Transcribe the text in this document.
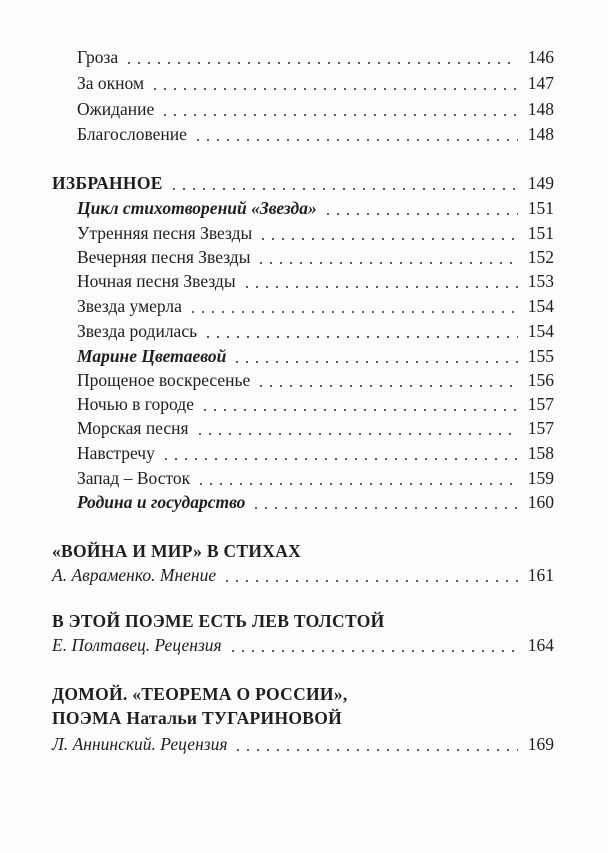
Гроза	146
За окном	147
Ожидание	148
Благословение	148
ИЗБРАННОЕ	149
Цикл стихотворений «Звезда»	151
Утренняя песня Звезды	151
Вечерняя песня Звезды	152
Ночная песня Звезды	153
Звезда умерла	154
Звезда родилась	154
Марине Цветаевой	155
Прощеное воскресенье	156
Ночью в городе	157
Морская песня	157
Навстречу	158
Запад – Восток	159
Родина и государство	160
«ВОЙНА И МИР» В СТИХАХ
А. Авраменко. Мнение	161
В ЭТОЙ ПОЭМЕ ЕСТЬ ЛЕВ ТОЛСТОЙ
Е. Полтавец. Рецензия	164
ДОМОЙ. «ТЕОРЕМА О РОССИИ»,
ПОЭМА Натальи ТУГАРИНОВОЙ
Л. Аннинский. Рецензия	169
